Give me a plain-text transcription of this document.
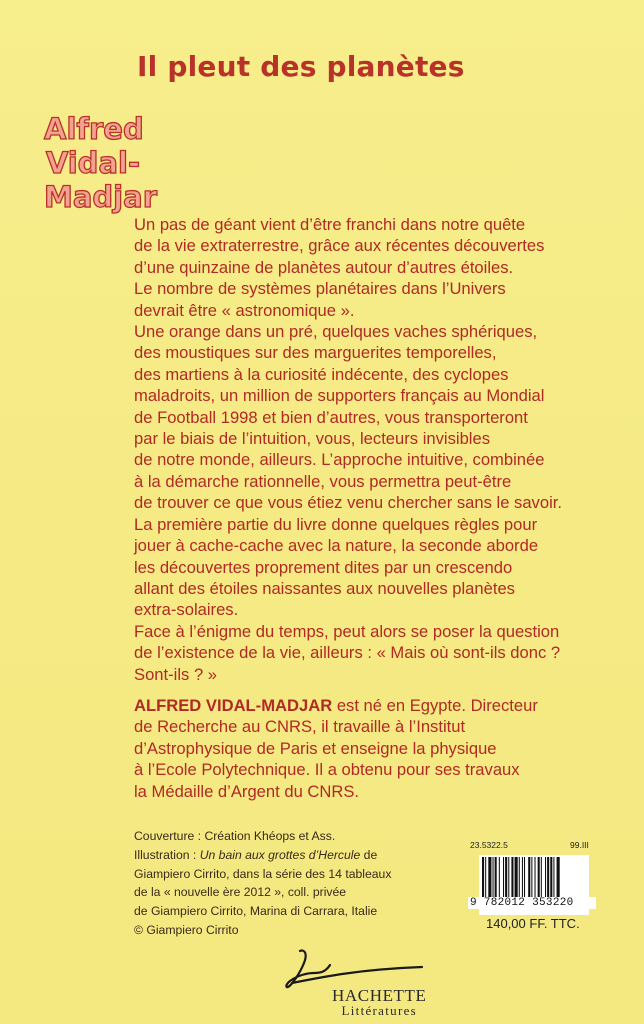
Il pleut des planètes
Alfred
Vidal-
Madjar
Un pas de géant vient d’être franchi dans notre quête
de la vie extraterrestre, grâce aux récentes découvertes
d’une quinzaine de planètes autour d’autres étoiles.
Le nombre de systèmes planétaires dans l’Univers
devrait être « astronomique ».
Une orange dans un pré, quelques vaches sphériques,
des moustiques sur des marguerites temporelles,
des martiens à la curiosité indécente, des cyclopes
maladroits, un million de supporters français au Mondial
de Football 1998 et bien d’autres, vous transporteront
par le biais de l’intuition, vous, lecteurs invisibles
de notre monde, ailleurs. L’approche intuitive, combinée
à la démarche rationnelle, vous permettra peut-être
de trouver ce que vous étiez venu chercher sans le savoir.
La première partie du livre donne quelques règles pour
jouer à cache-cache avec la nature, la seconde aborde
les découvertes proprement dites par un crescendo
allant des étoiles naissantes aux nouvelles planètes
extra-solaires.
Face à l’énigme du temps, peut alors se poser la question
de l’existence de la vie, ailleurs : « Mais où sont-ils donc ?
Sont-ils ? »
ALFRED VIDAL-MADJAR est né en Egypte. Directeur
de Recherche au CNRS, il travaille à l’Institut
d’Astrophysique de Paris et enseigne la physique
à l’Ecole Polytechnique. Il a obtenu pour ses travaux
la Médaille d’Argent du CNRS.
Couverture : Création Khéops et Ass.
Illustration : Un bain aux grottes d’Hercule de
Giampiero Cirrito, dans la série des 14 tableaux
de la « nouvelle ère 2012 », coll. privée
de Giampiero Cirrito, Marina di Carrara, Italie
© Giampiero Cirrito
23.5322.5	99.III
9 782012 353220
140,00 FF. TTC.
HACHETTE
Littératures
